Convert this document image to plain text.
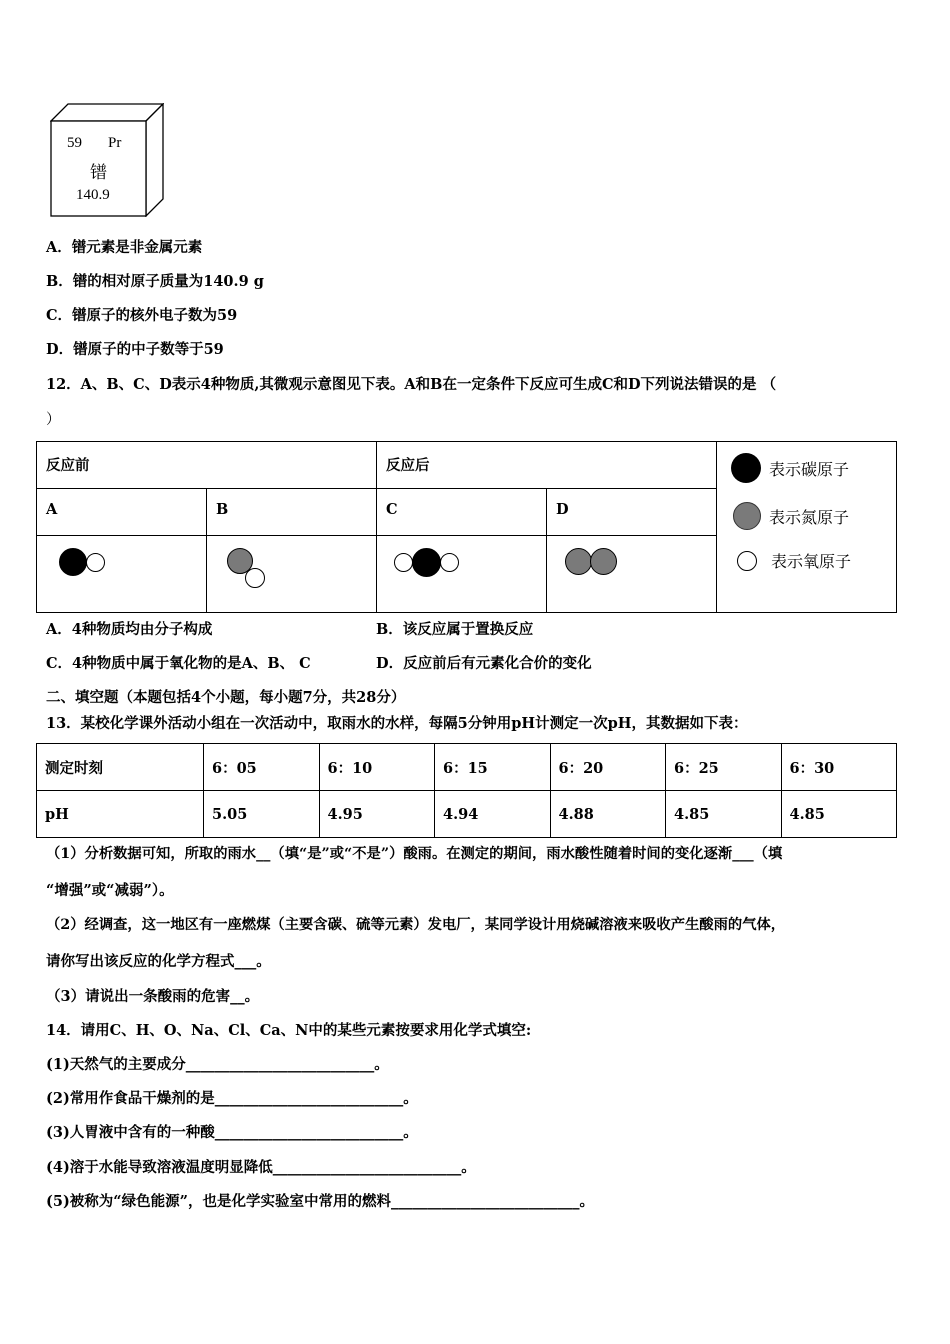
59 Pr
镨
140.9
A．镨元素是非金属元素
B．镨的相对原子质量为140.9 g
C．镨原子的核外电子数为59
D．镨原子的中子数等于59
12．A、B、C、D表示4种物质,其微观示意图见下表。A和B在一定条件下反应可生成C和D下列说法错误的是 （
）
反应前		反应后		表示碳原子
表示氮原子
表示氧原子

A	B	C	D	

A．4种物质均由分子构成	B．该反应属于置换反应
C．4种物质中属于氧化物的是A、B、 C	D．反应前后有元素化合价的变化
二、填空题（本题包括4个小题，每小题7分，共28分）
13．某校化学课外活动小组在一次活动中，取雨水的水样，每隔5分钟用pH计测定一次pH，其数据如下表：
测定时刻	6：05	6：10	6：15	6：20	6：25	6：30
pH	5.05	4.95	4.94	4.88	4.85	4.85
（1）分析数据可知，所取的雨水__（填“是”或“不是”）酸雨。在测定的期间，雨水酸性随着时间的变化逐渐___（填
“增强”或“减弱”）。
（2）经调查，这一地区有一座燃煤（主要含碳、硫等元素）发电厂，某同学设计用烧碱溶液来吸收产生酸雨的气体，
请你写出该反应的化学方程式___。
（3）请说出一条酸雨的危害__。
14．请用C、H、O、Na、Cl、Ca、N中的某些元素按要求用化学式填空:
(1)天然气的主要成分__________________________。
(2)常用作食品干燥剂的是__________________________。
(3)人胃液中含有的一种酸__________________________。
(4)溶于水能导致溶液温度明显降低__________________________。
(5)被称为“绿色能源”，也是化学实验室中常用的燃料__________________________。
